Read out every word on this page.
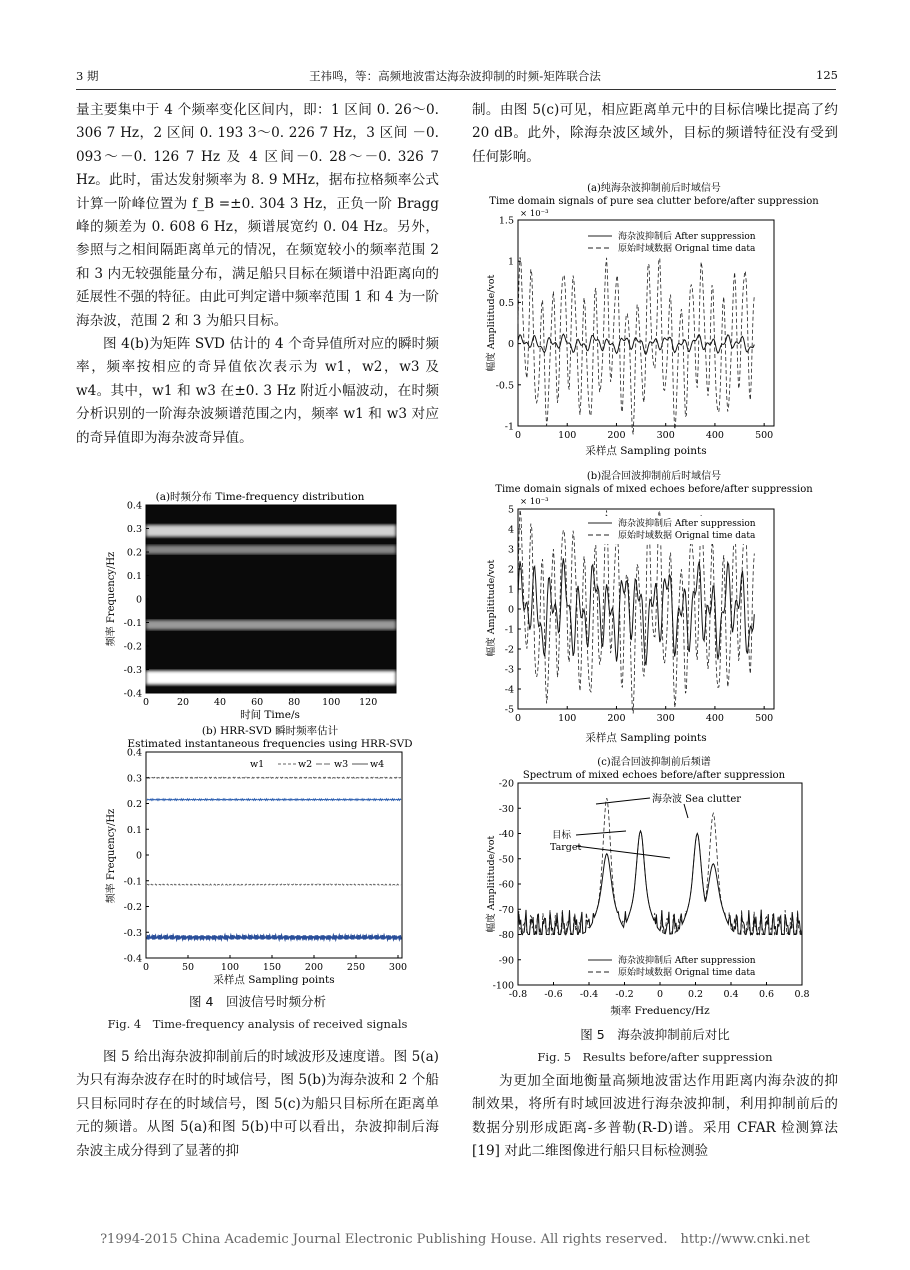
3 期	王祎鸣，等：高频地波雷达海杂波抑制的时频-矩阵联合法	125

量主要集中于 4 个频率变化区间内，即：1 区间 0. 26～0. 306 7 Hz，2 区间 0. 193 3～0. 226 7 Hz，3 区间 －0. 093～－0. 126 7 Hz 及 4 区间－0. 28～－0. 326 7 Hz。此时，雷达发射频率为 8. 9 MHz，据布拉格频率公式计算一阶峰位置为 f_B =±0. 304 3 Hz，正负一阶 Bragg 峰的频差为 0. 608 6 Hz，频谱展宽约 0. 04 Hz。另外，参照与之相间隔距离单元的情况，在频宽较小的频率范围 2 和 3 内无较强能量分布，满足船只目标在频谱中沿距离向的延展性不强的特征。由此可判定谱中频率范围 1 和 4 为一阶海杂波，范围 2 和 3 为船只目标。

图 4(b)为矩阵 SVD 估计的 4 个奇异值所对应的瞬时频率，频率按相应的奇异值依次表示为 w1，w2，w3 及 w4。其中，w1 和 w3 在±0. 3 Hz 附近小幅波动，在时频分析识别的一阶海杂波频谱范围之内，频率 w1 和 w3 对应的奇异值即为海杂波奇异值。

制。由图 5(c)可见，相应距离单元中的目标信噪比提高了约 20 dB。此外，除海杂波区域外，目标的频谱特征没有受到任何影响。

(a)时频分布 Time-frequency distribution
0.4
0.3
0.2
0.1
0
-0.1
-0.2
-0.3
-0.4
0	20	40	60	80 100 120
时间 Time/s
频率 Frequency/Hz
(b) HRR-SVD 瞬时频率估计
Estimated instantaneous frequencies using HRR-SVD
0.4
0.3
0.2
0.1
0
-0.1
-0.2
-0.3
-0.4
0	50	100	150	200	250	300
w1	w2 w3 w4
采样点 Sampling points
频率 Frequency/Hz
图 4　回波信号时频分析
Fig. 4　Time-frequency analysis of received signals
(a)纯海杂波抑制前后时域信号
Time domain signals of pure sea clutter before/after suppression
× 10⁻³
1.5
1
0.5
0
-0.5
-1
0	100	200	300	400	500
海杂波抑制后 After suppression
原始时域数据 Orignal time data
采样点 Sampling points
幅度 Amplititude/vot
(b)混合回波抑制前后时域信号
Time domain signals of mixed echoes before/after suppression
× 10⁻³
5
4
3
2
1
0
-1
-2
-3
-4
-5
0	100	200	300	400	500
海杂波抑制后 After suppression
原始时域数据 Orignal time data
采样点 Sampling points
幅度 Amplititude/vot
(c)混合回波抑制前后频谱
Spectrum of mixed echoes before/after suppression
-20
-30
-40
-50
-60
-70
-80
-90
-100
-0.8 -0.6 -0.4 -0.2 0	0.2 0.4 0.6 0.8
海杂波 Sea clutter
目标
Target
海杂波抑制后 After suppression
原始时域数据 Orignal time data
频率 Freduency/Hz
幅度 Amplititude/vot
图 5　海杂波抑制前后对比
Fig. 5　Results before/after suppression

图 5 给出海杂波抑制前后的时域波形及速度谱。图 5(a)为只有海杂波存在时的时域信号，图 5(b)为海杂波和 2 个船只目标同时存在的时域信号，图 5(c)为船只目标所在距离单元的频谱。从图 5(a)和图 5(b)中可以看出，杂波抑制后海杂波主成分得到了显著的抑

为更加全面地衡量高频地波雷达作用距离内海杂波的抑制效果，将所有时域回波进行海杂波抑制，利用抑制前后的数据分别形成距离-多普勒(R-D)谱。采用 CFAR 检测算法[19] 对此二维图像进行船只目标检测验

?1994-2015 China Academic Journal Electronic Publishing House. All rights reserved.　http://www.cnki.net
